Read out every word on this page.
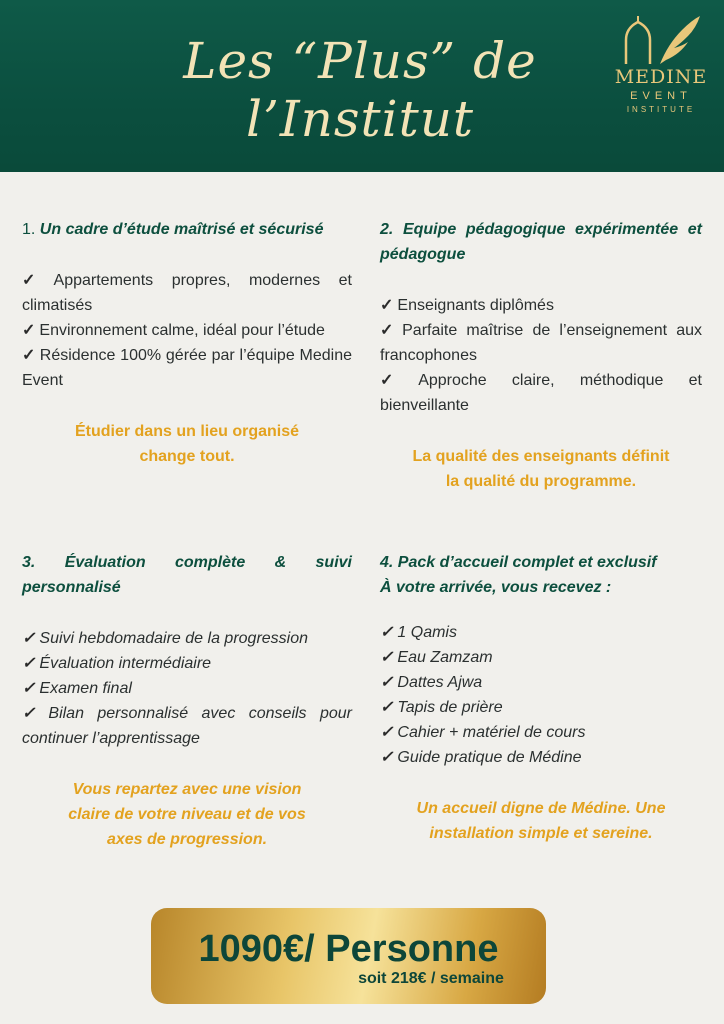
Les “Plus” de
l’Institut
MEDINE
EVENT
INSTITUTE
1. Un cadre d’étude maîtrisé et sécurisé
✓ Appartements propres, modernes et climatisés
✓ Environnement calme, idéal pour l’étude
✓ Résidence 100% gérée par l’équipe Medine Event
Étudier dans un lieu organisé
change tout.
2. Equipe pédagogique expérimentée et pédagogue
✓ Enseignants diplômés
✓ Parfaite maîtrise de l’enseignement aux francophones
✓ Approche claire, méthodique et bienveillante
La qualité des enseignants définit
la qualité du programme.
3. Évaluation complète & suivi personnalisé
✓ Suivi hebdomadaire de la progression
✓ Évaluation intermédiaire
✓ Examen final
✓ Bilan personnalisé avec conseils pour continuer l’apprentissage
Vous repartez avec une vision
claire de votre niveau et de vos
axes de progression.
4. Pack d’accueil complet et exclusif
À votre arrivée, vous recevez :
✓ 1 Qamis
✓ Eau Zamzam
✓ Dattes Ajwa
✓ Tapis de prière
✓ Cahier + matériel de cours
✓ Guide pratique de Médine
Un accueil digne de Médine. Une
installation simple et sereine.
1090€/ Personne
soit 218€ / semaine
